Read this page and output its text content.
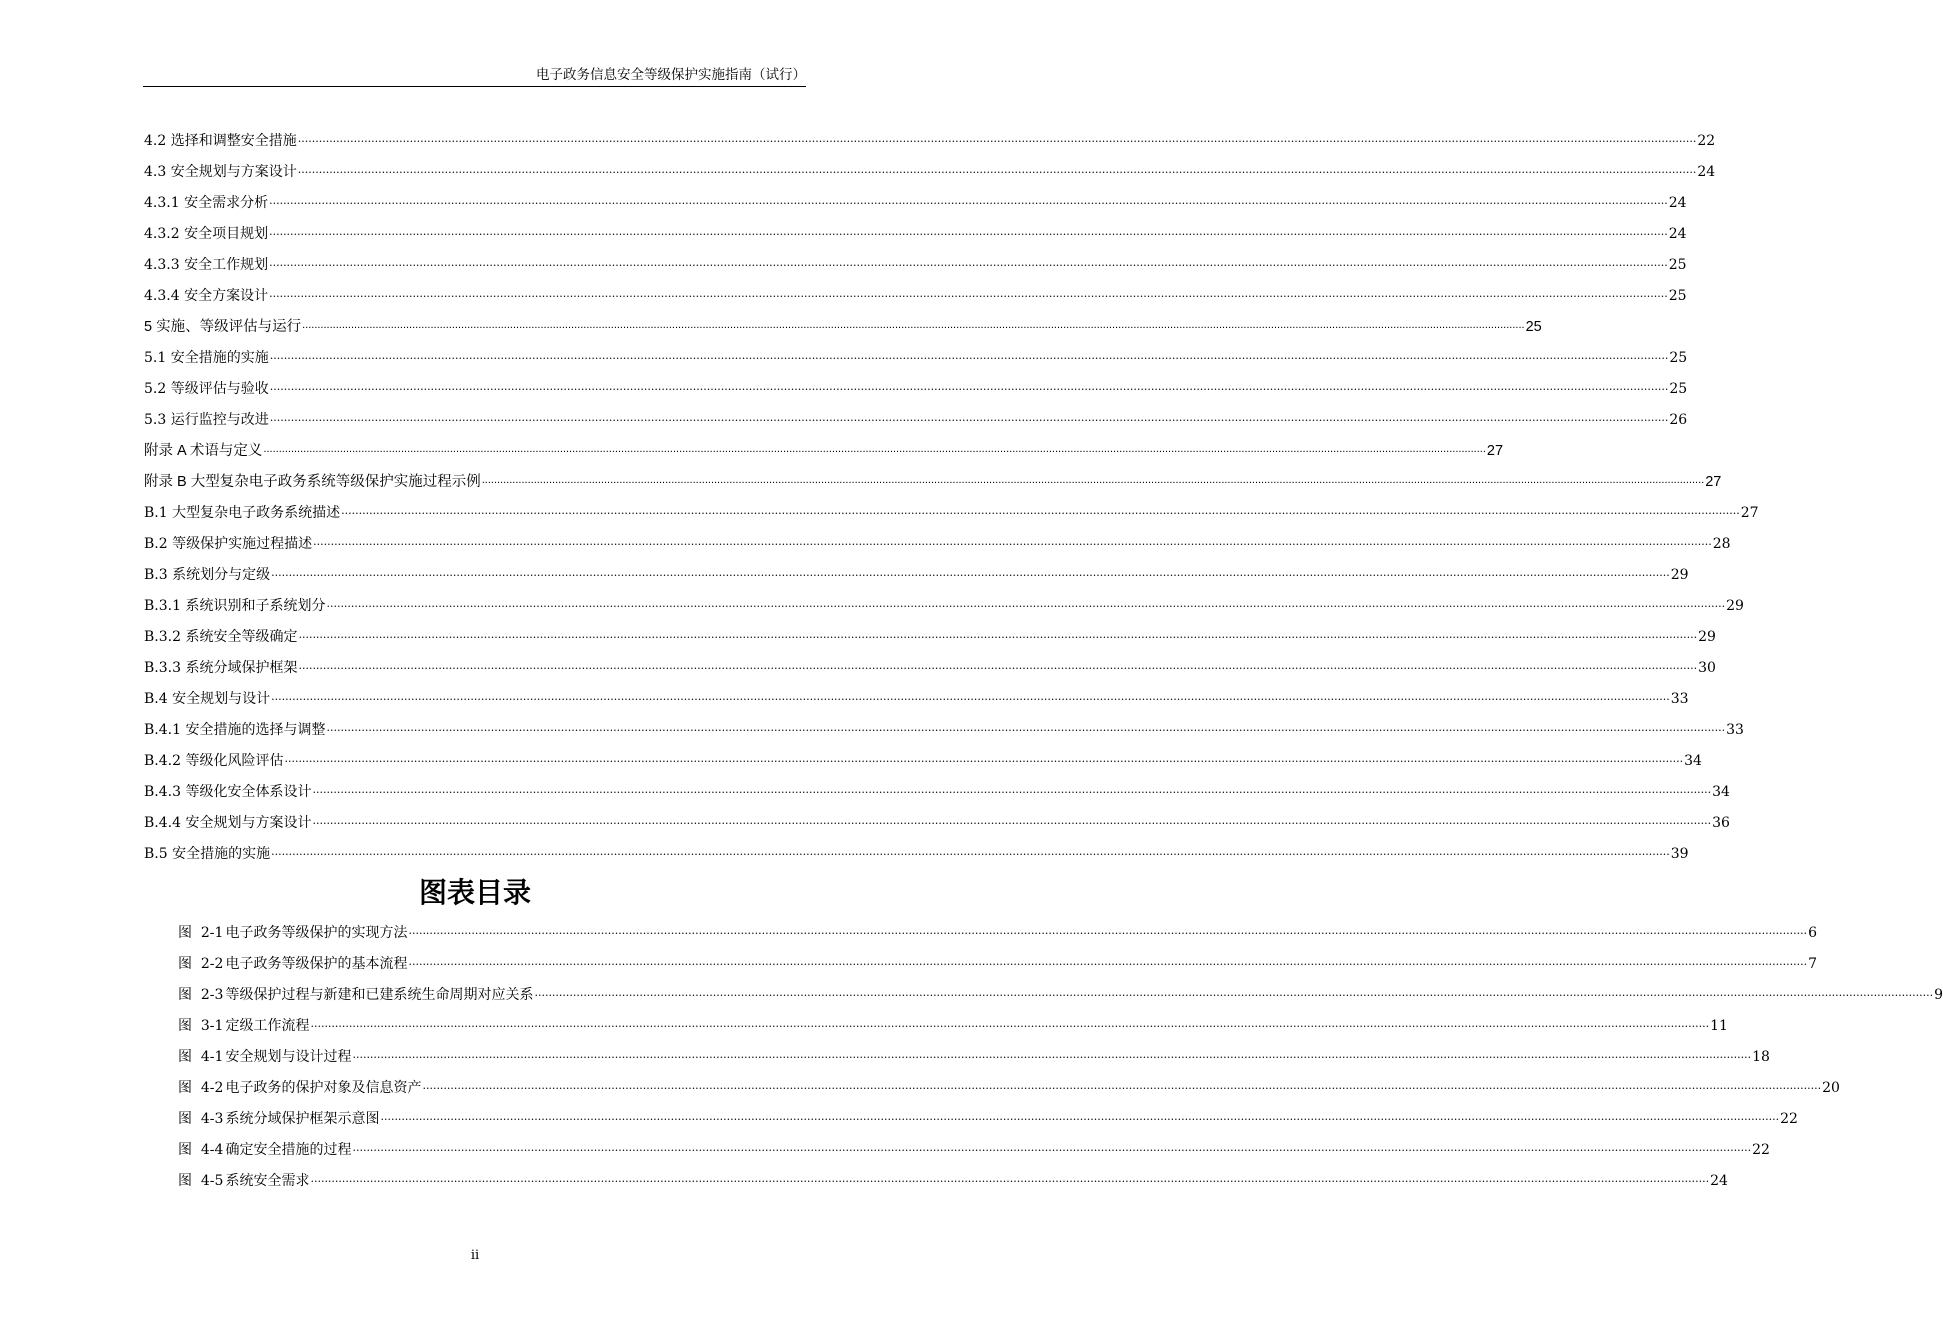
电子政务信息安全等级保护实施指南（试行）
4.2 选择和调整安全措施 ................................................................................................................................................................................................................................................................................................................................................................................................................ 22
4.3 安全规划与方案设计 ................................................................................................................................................................................................................................................................................................................................................................................................................ 24
4.3.1 安全需求分析 ................................................................................................................................................................................................................................................................................................................................................................................................................ 24
4.3.2 安全项目规划 ................................................................................................................................................................................................................................................................................................................................................................................................................ 24
4.3.3 安全工作规划 ................................................................................................................................................................................................................................................................................................................................................................................................................ 25
4.3.4 安全方案设计 ................................................................................................................................................................................................................................................................................................................................................................................................................ 25
5 实施、等级评估与运行 ................................................................................................................................................................................................................................................................................................................................................................................................................ 25
5.1 安全措施的实施 ................................................................................................................................................................................................................................................................................................................................................................................................................ 25
5.2 等级评估与验收 ................................................................................................................................................................................................................................................................................................................................................................................................................ 25
5.3 运行监控与改进 ................................................................................................................................................................................................................................................................................................................................................................................................................ 26
附录 A 术语与定义 ................................................................................................................................................................................................................................................................................................................................................................................................................ 27
附录 B 大型复杂电子政务系统等级保护实施过程示例 ................................................................................................................................................................................................................................................................................................................................................................................................................ 27
B.1 大型复杂电子政务系统描述 ................................................................................................................................................................................................................................................................................................................................................................................................................ 27
B.2 等级保护实施过程描述 ................................................................................................................................................................................................................................................................................................................................................................................................................ 28
B.3 系统划分与定级 ................................................................................................................................................................................................................................................................................................................................................................................................................ 29
B.3.1 系统识别和子系统划分 ................................................................................................................................................................................................................................................................................................................................................................................................................ 29
B.3.2 系统安全等级确定 ................................................................................................................................................................................................................................................................................................................................................................................................................ 29
B.3.3 系统分域保护框架 ................................................................................................................................................................................................................................................................................................................................................................................................................ 30
B.4 安全规划与设计 ................................................................................................................................................................................................................................................................................................................................................................................................................ 33
B.4.1 安全措施的选择与调整 ................................................................................................................................................................................................................................................................................................................................................................................................................ 33
B.4.2 等级化风险评估 ................................................................................................................................................................................................................................................................................................................................................................................................................ 34
B.4.3 等级化安全体系设计 ................................................................................................................................................................................................................................................................................................................................................................................................................ 34
B.4.4 安全规划与方案设计 ................................................................................................................................................................................................................................................................................................................................................................................................................ 36
B.5 安全措施的实施 ................................................................................................................................................................................................................................................................................................................................................................................................................ 39
图表目录
图  2-1 电子政务等级保护的实现方法 ................................................................................................................................................................................................................................................................................................................................................................................................................ 6
图  2-2 电子政务等级保护的基本流程 ................................................................................................................................................................................................................................................................................................................................................................................................................ 7
图  2-3 等级保护过程与新建和已建系统生命周期对应关系 ................................................................................................................................................................................................................................................................................................................................................................................................................ 9
图  3-1 定级工作流程 ................................................................................................................................................................................................................................................................................................................................................................................................................ 11
图  4-1 安全规划与设计过程 ................................................................................................................................................................................................................................................................................................................................................................................................................ 18
图  4-2 电子政务的保护对象及信息资产 ................................................................................................................................................................................................................................................................................................................................................................................................................ 20
图  4-3 系统分域保护框架示意图 ................................................................................................................................................................................................................................................................................................................................................................................................................ 22
图  4-4 确定安全措施的过程 ................................................................................................................................................................................................................................................................................................................................................................................................................ 22
图  4-5 系统安全需求 ................................................................................................................................................................................................................................................................................................................................................................................................................ 24
ii
